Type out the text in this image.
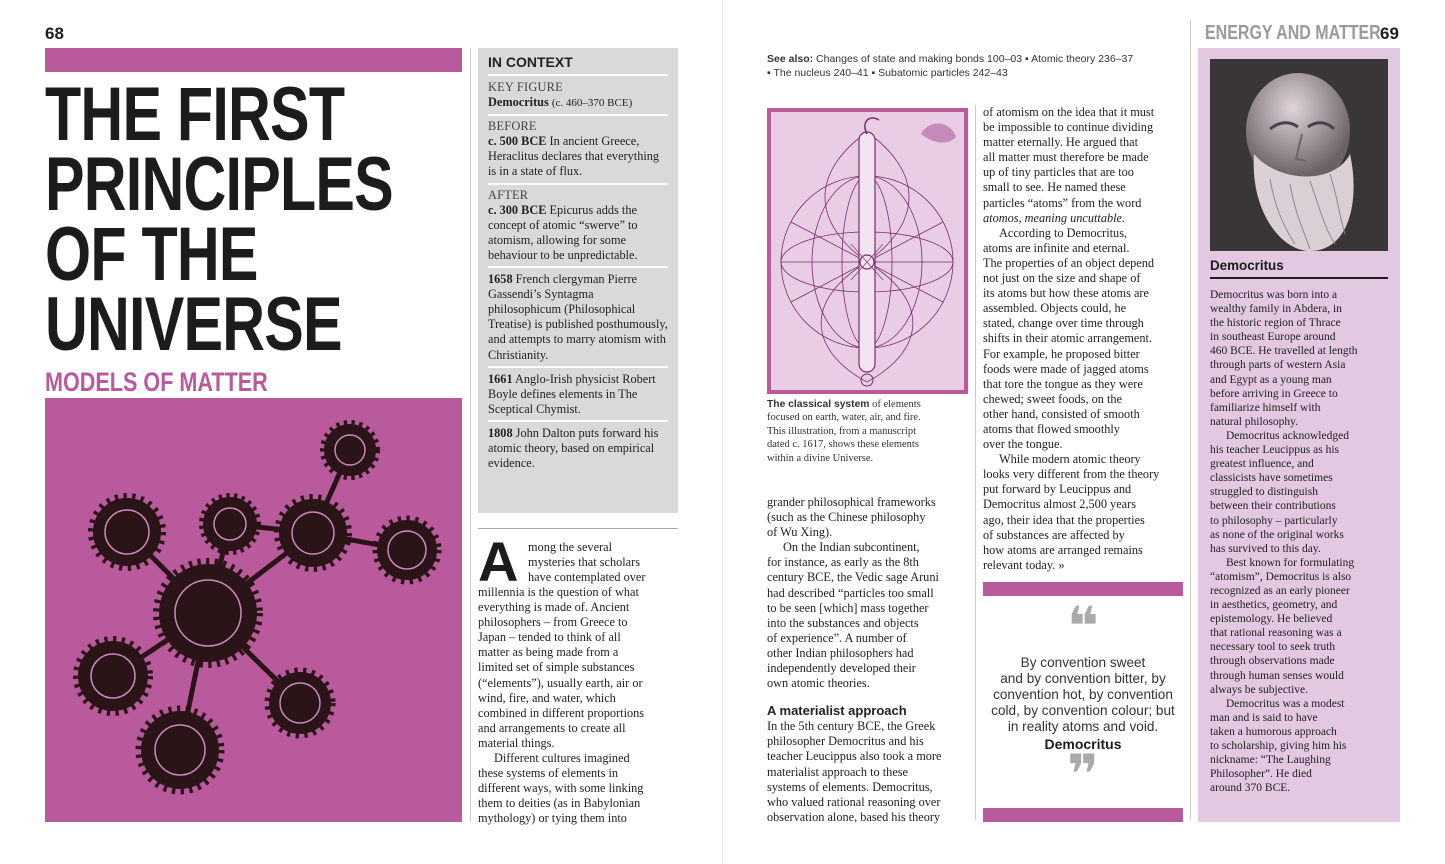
68
THE FIRST
PRINCIPLES
OF THE
UNIVERSE
MODELS OF MATTER
IN CONTEXT
KEY FIGURE
Democritus (c. 460–370 BCE)
BEFORE
c. 500 BCE In ancient Greece, Heraclitus declares that everything is in a state of flux.
AFTER

c. 300 BCE Epicurus adds the concept of atomic “swerve” to atomism, allowing for some behaviour to be unpredictable.

1658 French clergyman Pierre Gassendi’s Syntagma philosophicum (Philosophical Treatise) is published posthumously, and attempts to marry atomism with Christianity.

1661 Anglo-Irish physicist Robert Boyle defines elements in The Sceptical Chymist.

1808 John Dalton puts forward his atomic theory, based on empirical evidence.

A mong the several
mysteries that scholars
have contemplated over
millennia is the question of what
everything is made of. Ancient
philosophers – from Greece to
Japan – tended to think of all
matter as being made from a
limited set of simple substances
(“elements”), usually earth, air or
wind, fire, and water, which
combined in different proportions
and arrangements to create all
material things.
Different cultures imagined
these systems of elements in
different ways, with some linking
them to deities (as in Babylonian
mythology) or tying them into
See also: Changes of state and making bonds 100–03 ▪ Atomic theory 236–37
▪ The nucleus 240–41 ▪ Subatomic particles 242–43
ENERGY AND MATTER 69
The classical system of elements
focused on earth, water, air, and fire.
This illustration, from a manuscript
dated c. 1617, shows these elements
within a divine Universe.
grander philosophical frameworks
(such as the Chinese philosophy
of Wu Xing).
On the Indian subcontinent,
for instance, as early as the 8th
century BCE, the Vedic sage Aruni
had described “particles too small
to be seen [which] mass together
into the substances and objects
of experience”. A number of
other Indian philosophers had
independently developed their
own atomic theories.
A materialist approach
In the 5th century BCE, the Greek
philosopher Democritus and his
teacher Leucippus also took a more
materialist approach to these
systems of elements. Democritus,
who valued rational reasoning over
observation alone, based his theory
of atomism on the idea that it must
be impossible to continue dividing
matter eternally. He argued that
all matter must therefore be made
up of tiny particles that are too
small to see. He named these
particles “atoms” from the word
atomos, meaning uncuttable.
According to Democritus,
atoms are infinite and eternal.
The properties of an object depend
not just on the size and shape of
its atoms but how these atoms are
assembled. Objects could, he
stated, change over time through
shifts in their atomic arrangement.
For example, he proposed bitter
foods were made of jagged atoms
that tore the tongue as they were
chewed; sweet foods, on the
other hand, consisted of smooth
atoms that flowed smoothly
over the tongue.
While modern atomic theory
looks very different from the theory
put forward by Leucippus and
Democritus almost 2,500 years
ago, their idea that the properties
of substances are affected by
how atoms are arranged remains
relevant today. »
❝
By convention sweet
and by convention bitter, by
convention hot, by convention
cold, by convention colour; but
in reality atoms and void.
Democritus
❞
Democritus
Democritus was born into a
wealthy family in Abdera, in
the historic region of Thrace
in southeast Europe around
460 BCE. He travelled at length
through parts of western Asia
and Egypt as a young man
before arriving in Greece to
familiarize himself with
natural philosophy.
Democritus acknowledged
his teacher Leucippus as his
greatest influence, and
classicists have sometimes
struggled to distinguish
between their contributions
to philosophy – particularly
as none of the original works
has survived to this day.
Best known for formulating
“atomism”, Democritus is also
recognized as an early pioneer
in aesthetics, geometry, and
epistemology. He believed
that rational reasoning was a
necessary tool to seek truth
through observations made
through human senses would
always be subjective.
Democritus was a modest
man and is said to have
taken a humorous approach
to scholarship, giving him his
nickname: “The Laughing
Philosopher”. He died
around 370 BCE.
